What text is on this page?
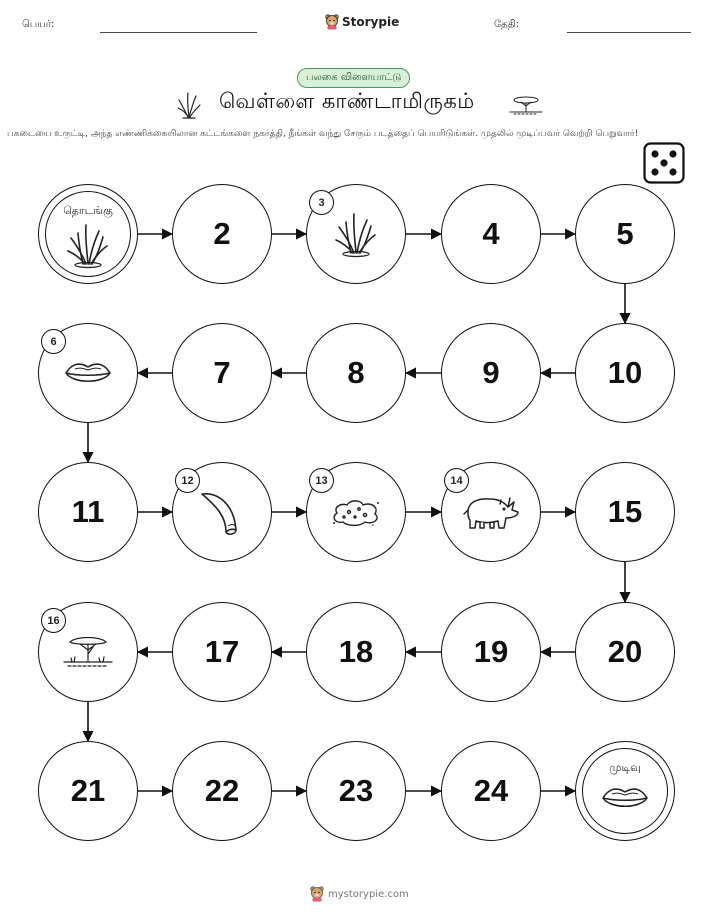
பெயர்:	Storypie	தேதி:
பலகை விளையாட்டு
வெள்ளை காண்டாமிருகம்
பகடையை உருட்டி, அந்த எண்ணிக்கையிலான கட்டங்களை நகர்த்தி, நீங்கள் வந்து சேரும் படத்தைப் பெயரிடுங்கள். முதலில் முடிப்பவர் வெற்றி பெறுவார்!
தொடங்கு
2
3
4	5
10
9
8
7
6
11
12	13	14
15
20
19
18
17
16
21	22	23	24
முடிவு
mystorypie.com
